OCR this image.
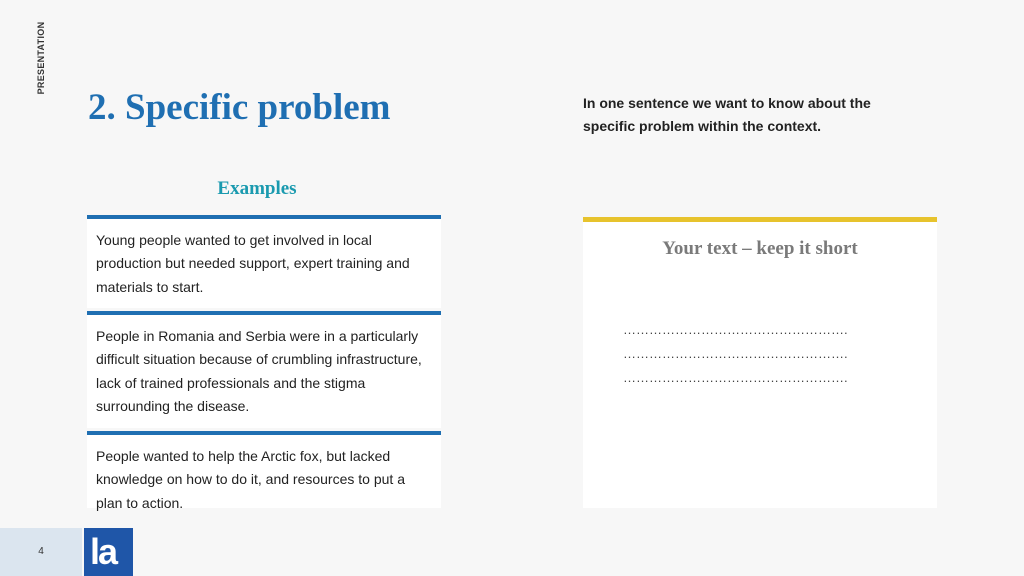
PRESENTATION
2. Specific problem	In one sentence we want to know about the specific problem within the context.
Examples
Young people wanted to get involved in local production but needed support, expert training and materials to start.
People in Romania and Serbia were in a particularly difficult situation because of crumbling infrastructure, lack of trained professionals and the stigma surrounding the disease.
People wanted to help the Arctic fox, but lacked knowledge on how to do it, and resources to put a plan to action.
Your text – keep it short
…………………………………………….
…………………………………………….
…………………………………………….
4	la
